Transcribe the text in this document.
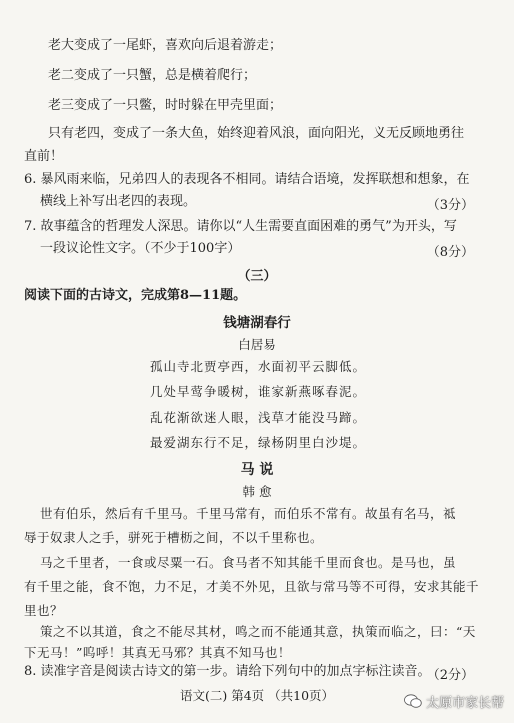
老大变成了一尾虾，喜欢向后退着游走；
老二变成了一只蟹，总是横着爬行；
老三变成了一只鳖，时时躲在甲壳里面；
只有老四，变成了一条大鱼，始终迎着风浪，面向阳光，义无反顾地勇往
直前！
6. 暴风雨来临，兄弟四人的表现各不相同。请结合语境，发挥联想和想象，在
横线上补写出老四的表现。	（3分）
7. 故事蕴含的哲理发人深思。请你以“人生需要直面困难的勇气”为开头，写
一段议论性文字。（不少于100字）	（8分）
（三）
阅读下面的古诗文，完成第8—11题。
钱塘湖春行
白居易
孤山寺北贾亭西，水面初平云脚低。
几处早莺争暖树，谁家新燕啄春泥。
乱花渐欲迷人眼，浅草才能没马蹄。
最爱湖东行不足，绿杨阴里白沙堤。
马 说
韩 愈
世有伯乐，然后有千里马。千里马常有，而伯乐不常有。故虽有名马，祗
辱于奴隶人之手，骈死于槽枥之间，不以千里称也。
马之千里者，一食或尽粟一石。食马者不知其能千里而食也。是马也，虽
有千里之能，食不饱，力不足，才美不外见，且欲与常马等不可得，安求其能千
里也？
策之不以其道，食之不能尽其材，鸣之而不能通其意，执策而临之，曰：“天
下无马！”呜呼！其真无马邪？其真不知马也！
8. 读准字音是阅读古诗文的第一步。请给下列句中的加点字标注读音。
（2分）
语文(二) 第4页 （共10页）
太原市家长帮
